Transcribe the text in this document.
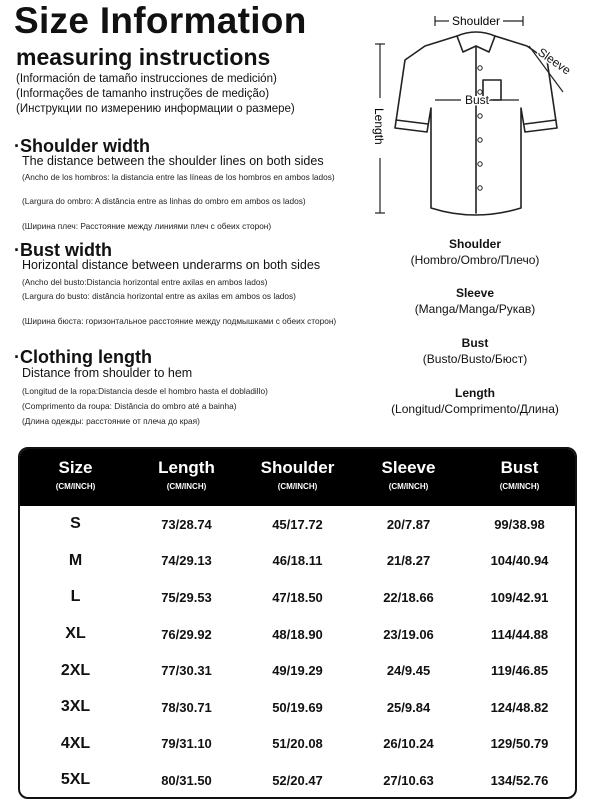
Size Information
measuring instructions
(Información de tamaño instrucciones de medición)
(Informações de tamanho instruções de medição)
(Инструкции по измерению информации о размере)
·Shoulder width
The distance between the shoulder lines on both sides
(Ancho de los hombros: la distancia entre las líneas de los hombros en ambos lados)
(Largura do ombro: A distância entre as linhas do ombro em ambos os lados)
(Ширина плеч: Расстояние между линиями плеч с обеих сторон)
·Bust width
Horizontal distance between underarms on both sides
(Ancho del busto:Distancia horizontal entre axilas en ambos lados)
(Largura do busto: distância horizontal entre as axilas em ambos os lados)
(Ширина бюста: горизонтальное расстояние между подмышками с обеих сторон)
·Clothing length
Distance from shoulder to hem
(Longitud de la ropa:Distancia desde el hombro hasta el dobladillo)
(Comprimento da roupa: Distância do ombro até a bainha)
(Длина одежды: расстояние от плеча до края)
Shoulder
Sleeve
Bust
Length
Shoulder
(Hombro/Ombro/Плечо)
Sleeve
(Manga/Manga/Рукав)
Bust
(Busto/Busto/Бюст)
Length
(Longitud/Comprimento/Длина)
Size
(CM/INCH)
Length
(CM/INCH)
Shoulder
(CM/INCH)
Sleeve
(CM/INCH)
Bust
(CM/INCH)
S	73/28.74	45/17.72	20/7.87	99/38.98
M	74/29.13	46/18.11	21/8.27	104/40.94
L	75/29.53	47/18.50	22/18.66	109/42.91
XL	76/29.92	48/18.90	23/19.06	114/44.88
2XL	77/30.31	49/19.29	24/9.45	119/46.85
3XL	78/30.71	50/19.69	25/9.84	124/48.82
4XL	79/31.10	51/20.08	26/10.24	129/50.79
5XL	80/31.50	52/20.47	27/10.63	134/52.76
